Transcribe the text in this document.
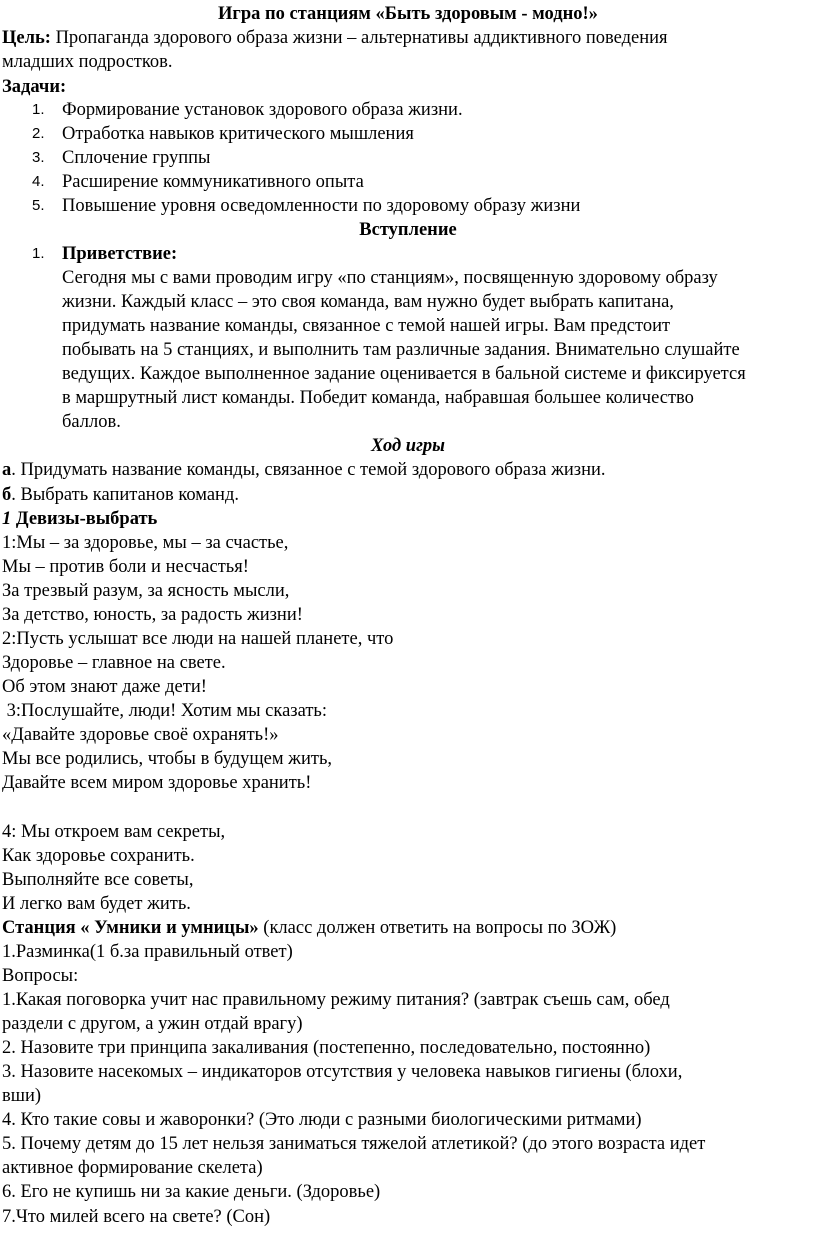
Игра по станциям «Быть здоровым - модно!»
Цель: Пропаганда здорового образа жизни – альтернативы аддиктивного поведения
младших подростков.
Задачи:
1. Формирование установок здорового образа жизни.
2. Отработка навыков критического мышления
3. Сплочение группы
4. Расширение коммуникативного опыта
5. Повышение уровня осведомленности по здоровому образу жизни
Вступление
1. Приветствие:
Сегодня мы с вами проводим игру «по станциям», посвященную здоровому образу
жизни. Каждый класс – это своя команда, вам нужно будет выбрать капитана,
придумать название команды, связанное с темой нашей игры. Вам предстоит
побывать на 5 станциях, и выполнить там различные задания. Внимательно слушайте
ведущих. Каждое выполненное задание оценивается в бальной системе и фиксируется
в маршрутный лист команды. Победит команда, набравшая большее количество
баллов.
Ход игры
а. Придумать название команды, связанное с темой здорового образа жизни.
б. Выбрать капитанов команд.
1 Девизы-выбрать
1:Мы – за здоровье, мы – за счастье,
Мы – против боли и несчастья!
За трезвый разум, за ясность мысли,
За детство, юность, за радость жизни!
2:Пусть услышат все люди на нашей планете, что
Здоровье – главное на свете.
Об этом знают даже дети!
3:Послушайте, люди! Хотим мы сказать:
«Давайте здоровье своё охранять!»
Мы все родились, чтобы в будущем жить,
Давайте всем миром здоровье хранить!
4: Мы откроем вам секреты,
Как здоровье сохранить.
Выполняйте все советы,
И легко вам будет жить.
Станция « Умники и умницы» (класс должен ответить на вопросы по ЗОЖ)
1.Разминка(1 б.за правильный ответ)
Вопросы:
1.Какая поговорка учит нас правильному режиму питания? (завтрак съешь сам, обед
раздели с другом, а ужин отдай врагу)
2. Назовите три принципа закаливания (постепенно, последовательно, постоянно)
3. Назовите насекомых – индикаторов отсутствия у человека навыков гигиены (блохи,
вши)
4. Кто такие совы и жаворонки? (Это люди с разными биологическими ритмами)
5. Почему детям до 15 лет нельзя заниматься тяжелой атлетикой? (до этого возраста идет
активное формирование скелета)
6. Его не купишь ни за какие деньги. (Здоровье)
7.Что милей всего на свете? (Сон)
